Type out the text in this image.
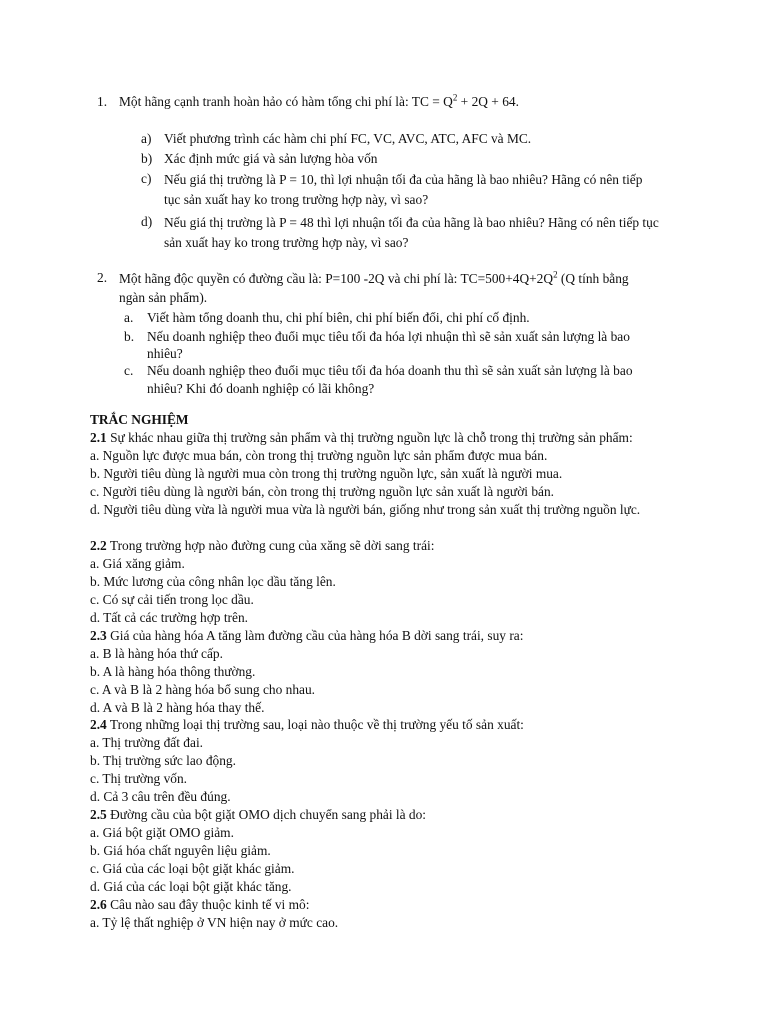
1. Một hãng cạnh tranh hoàn hảo có hàm tổng chi phí là: TC = $Q^2 + 2Q + 64$.
a) Viết phương trình các hàm chi phí FC, VC, AVC, ATC, AFC và MC.
b) Xác định mức giá và sản lượng hòa vốn
c) Nếu giá thị trường là P = 10, thì lợi nhuận tối đa của hãng là bao nhiêu? Hãng có nên tiếp tục sản xuất hay ko trong trường hợp này, vì sao?
d) Nếu giá thị trường là P = 48 thì lợi nhuận tối đa của hãng là bao nhiêu? Hãng có nên tiếp tục sản xuất hay ko trong trường hợp này, vì sao?
2. Một hãng độc quyền có đường cầu là: P=100 -2Q và chi phí là: $TC=500+4Q+2Q^2$ (Q tính bằng ngàn sản phẩm).
a. Viết hàm tổng doanh thu, chi phí biên, chi phí biến đổi, chi phí cố định.
b. Nếu doanh nghiệp theo đuổi mục tiêu tối đa hóa lợi nhuận thì sẽ sản xuất sản lượng là bao nhiêu?
c. Nếu doanh nghiệp theo đuổi mục tiêu tối đa hóa doanh thu thì sẽ sản xuất sản lượng là bao nhiêu? Khi đó doanh nghiệp có lãi không?
TRẮC NGHIỆM
2.1 Sự khác nhau giữa thị trường sản phẩm và thị trường nguồn lực là chỗ trong thị trường sản phẩm:
a. Nguồn lực được mua bán, còn trong thị trường nguồn lực sản phẩm được mua bán.
b. Người tiêu dùng là người mua còn trong thị trường nguồn lực, sản xuất là người mua.
c. Người tiêu dùng là người bán, còn trong thị trường nguồn lực sản xuất là người bán.
d. Người tiêu dùng vừa là người mua vừa là người bán, giống như trong sản xuất thị trường nguồn lực.
2.2 Trong trường hợp nào đường cung của xăng sẽ dời sang trái:
a. Giá xăng giảm.
b. Mức lương của công nhân lọc dầu tăng lên.
c. Có sự cải tiến trong lọc dầu.
d. Tất cả các trường hợp trên.
2.3 Giá của hàng hóa A tăng làm đường cầu của hàng hóa B dời sang trái, suy ra:
a. B là hàng hóa thứ cấp.
b. A là hàng hóa thông thường.
c. A và B là 2 hàng hóa bổ sung cho nhau.
d. A và B là 2 hàng hóa thay thế.
2.4 Trong những loại thị trường sau, loại nào thuộc về thị trường yếu tố sản xuất:
a. Thị trường đất đai.
b. Thị trường sức lao động.
c. Thị trường vốn.
d. Cả 3 câu trên đều đúng.
2.5 Đường cầu của bột giặt OMO dịch chuyển sang phải là do:
a. Giá bột giặt OMO giảm.
b. Giá hóa chất nguyên liệu giảm.
c. Giá của các loại bột giặt khác giảm.
d. Giá của các loại bột giặt khác tăng.
2.6 Câu nào sau đây thuộc kinh tế vi mô:
a. Tỷ lệ thất nghiệp ở VN hiện nay ở mức cao.
